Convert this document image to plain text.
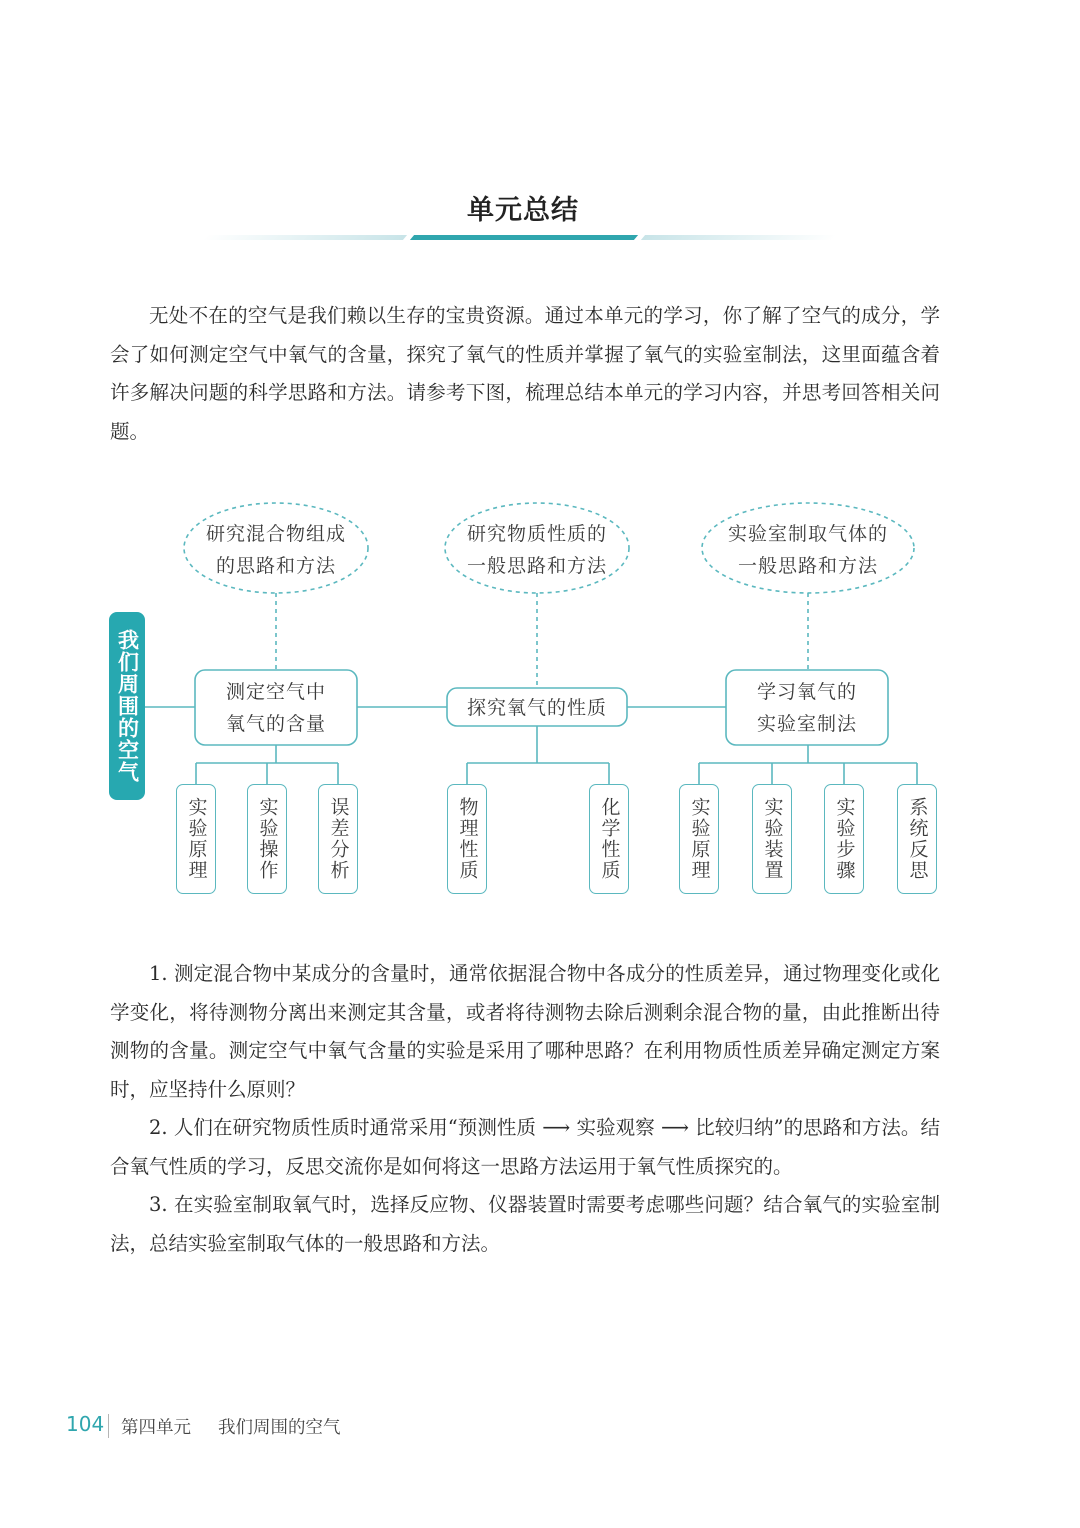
单元总结

无处不在的空气是我们赖以生存的宝贵资源。通过本单元的学习，你了解了空气的成分，学会了如何测定空气中氧气的含量，探究了氧气的性质并掌握了氧气的实验室制法，这里面蕴含着许多解决问题的科学思路和方法。请参考下图，梳理总结本单元的学习内容，并思考回答相关问题。

研究混合物组成
的思路和方法
研究物质性质的
一般思路和方法
实验室制取气体的
一般思路和方法
测定空气中
氧气的含量
探究氧气的性质
学习氧气的
实验室制法
我们周围的空气
实验原理	实验操作	误差分析	物理性质	化学性质	实验原理	实验装置	实验步骤	系统反思

1. 测定混合物中某成分的含量时，通常依据混合物中各成分的性质差异，通过物理变化或化学变化，将待测物分离出来测定其含量，或者将待测物去除后测剩余混合物的量，由此推断出待测物的含量。测定空气中氧气含量的实验是采用了哪种思路？在利用物质性质差异确定测定方案时，应坚持什么原则？

2. 人们在研究物质性质时通常采用“预测性质 ⟶ 实验观察 ⟶ 比较归纳”的思路和方法。结合氧气性质的学习，反思交流你是如何将这一思路方法运用于氧气性质探究的。

3. 在实验室制取氧气时，选择反应物、仪器装置时需要考虑哪些问题？结合氧气的实验室制法，总结实验室制取气体的一般思路和方法。

104 第四单元 我们周围的空气
